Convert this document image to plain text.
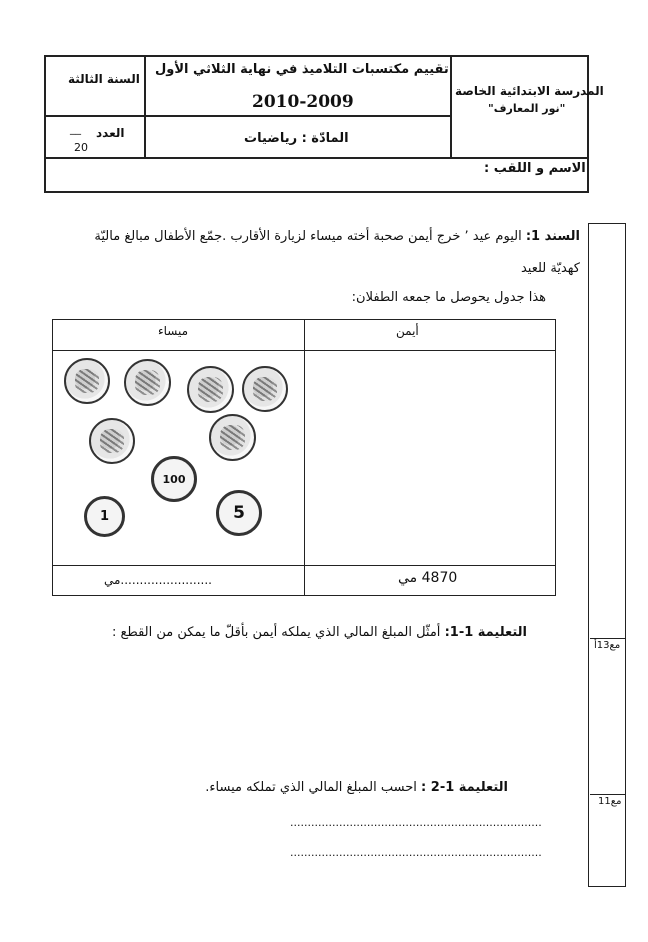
المدرسة الابتدائية الخاصة
"نور المعارف"
تقييم مكتسبات التلاميذ في نهاية الثلاثي الأول
2010-2009
السنة الثالثة
المادّة : رياضيات
العدد
__
20
الاسم و اللقب :
السند 1: اليوم عيد ٬ خرج أيمن صحبة أخته ميساء لزيارة الأقارب .جمّع الأطفال مبالغ ماليّة
كهديّة للعيد
هذا جدول يحوصل ما جمعه الطفلان:
أيمن
ميساء
4870 مي
........................مي
100
1	5
التعليمة 1-1: أمثّل المبلغ المالي الذي يملكه أيمن بأقلّ ما يمكن من القطع :
مع13أ
مع11
التعليمة 1-2 : احسب المبلغ المالي الذي تملكه ميساء.
........................................................................
........................................................................
